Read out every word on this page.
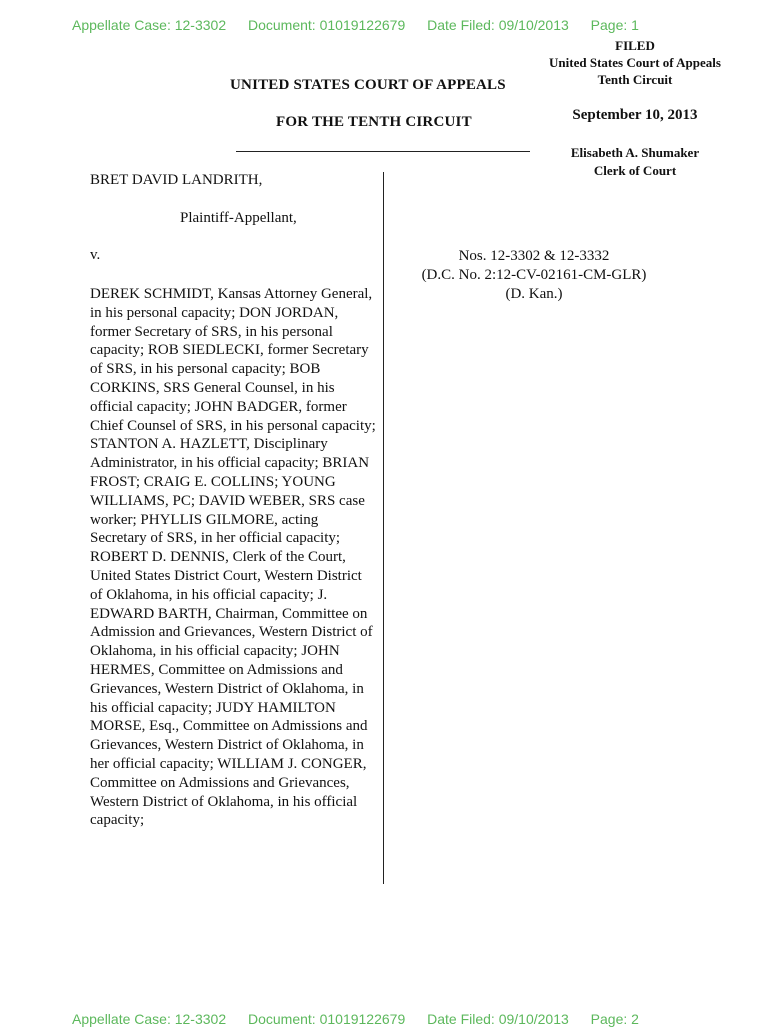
Appellate Case: 12-3302 Document: 01019122679 Date Filed: 09/10/2013 Page: 1
FILED
United States Court of Appeals
Tenth Circuit
UNITED STATES COURT OF APPEALS
FOR THE TENTH CIRCUIT	September 10, 2013
Elisabeth A. Shumaker
Clerk of Court
BRET DAVID LANDRITH,
Plaintiff-Appellant,
v.
DEREK SCHMIDT, Kansas Attorney General, in his personal capacity; DON JORDAN, former Secretary of SRS, in his personal capacity; ROB SIEDLECKI, former Secretary of SRS, in his personal capacity; BOB CORKINS, SRS General Counsel, in his official capacity; JOHN BADGER, former Chief Counsel of SRS, in his personal capacity; STANTON A. HAZLETT, Disciplinary Administrator, in his official capacity; BRIAN FROST; CRAIG E. COLLINS; YOUNG WILLIAMS, PC; DAVID WEBER, SRS case worker; PHYLLIS GILMORE, acting Secretary of SRS, in her official capacity; ROBERT D. DENNIS, Clerk of the Court, United States District Court, Western District of Oklahoma, in his official capacity; J. EDWARD BARTH, Chairman, Committee on Admission and Grievances, Western District of Oklahoma, in his official capacity; JOHN HERMES, Committee on Admissions and Grievances, Western District of Oklahoma, in his official capacity; JUDY HAMILTON MORSE, Esq., Committee on Admissions and Grievances, Western District of Oklahoma, in her official capacity; WILLIAM J. CONGER, Committee on Admissions and Grievances, Western District of Oklahoma, in his official capacity;
Nos. 12-3302 & 12-3332
(D.C. No. 2:12-CV-02161-CM-GLR)
(D. Kan.)
Appellate Case: 12-3302 Document: 01019122679 Date Filed: 09/10/2013 Page: 2
